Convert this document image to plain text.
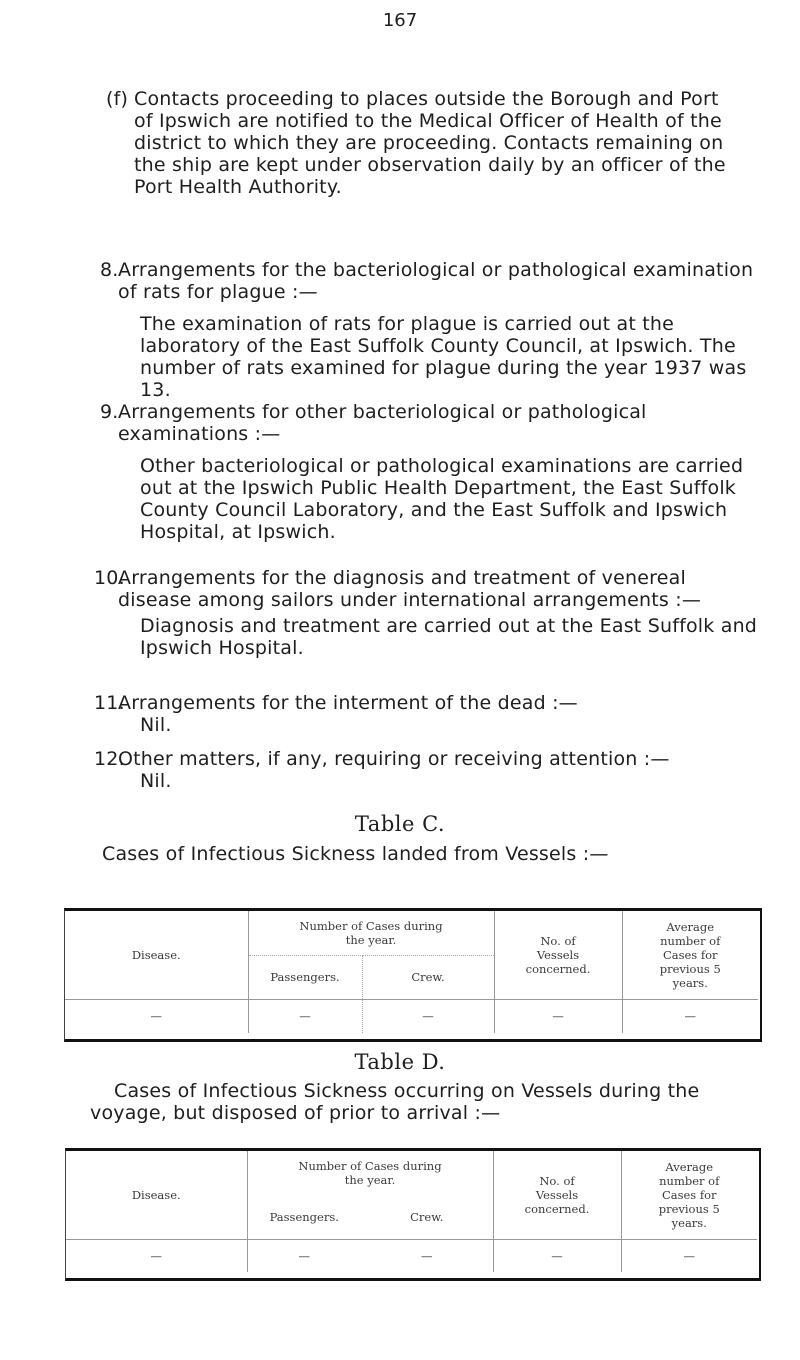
167
(f) Contacts proceeding to places outside the Borough and Port of Ipswich are notified to the Medical Officer of Health of the district to which they are proceeding. Contacts remaining on the ship are kept under observation daily by an officer of the Port Health Authority.
8. Arrangements for the bacteriological or pathological examination of rats for plague :—
The examination of rats for plague is carried out at the laboratory of the East Suffolk County Council, at Ipswich. The number of rats examined for plague during the year 1937 was 13.
9. Arrangements for other bacteriological or pathological examinations :—
Other bacteriological or pathological examinations are carried out at the Ipswich Public Health Department, the East Suffolk County Council Laboratory, and the East Suffolk and Ipswich Hospital, at Ipswich.
10.
Arrangements for the diagnosis and treatment of venereal disease among sailors under international arrangements :—
Diagnosis and treatment are carried out at the East Suffolk and Ipswich Hospital.
11.
Arrangements for the interment of the dead :—
Nil.
12.
Other matters, if any, requiring or receiving attention :—
Nil.
Table C.
Cases of Infectious Sickness landed from Vessels :—
Disease.	Number of Cases during the year.		No. of Vessels concerned.	Average number of Cases for previous 5 years.
	Passengers.	Crew.		
—	—	—	—	—
Table D.
Cases of Infectious Sickness occurring on Vessels during the voyage, but disposed of prior to arrival :—
Disease.	Number of Cases during the year.		No. of Vessels concerned.	Average number of Cases for previous 5 years.
	Passengers.	Crew.		
—	—	—	—	—
